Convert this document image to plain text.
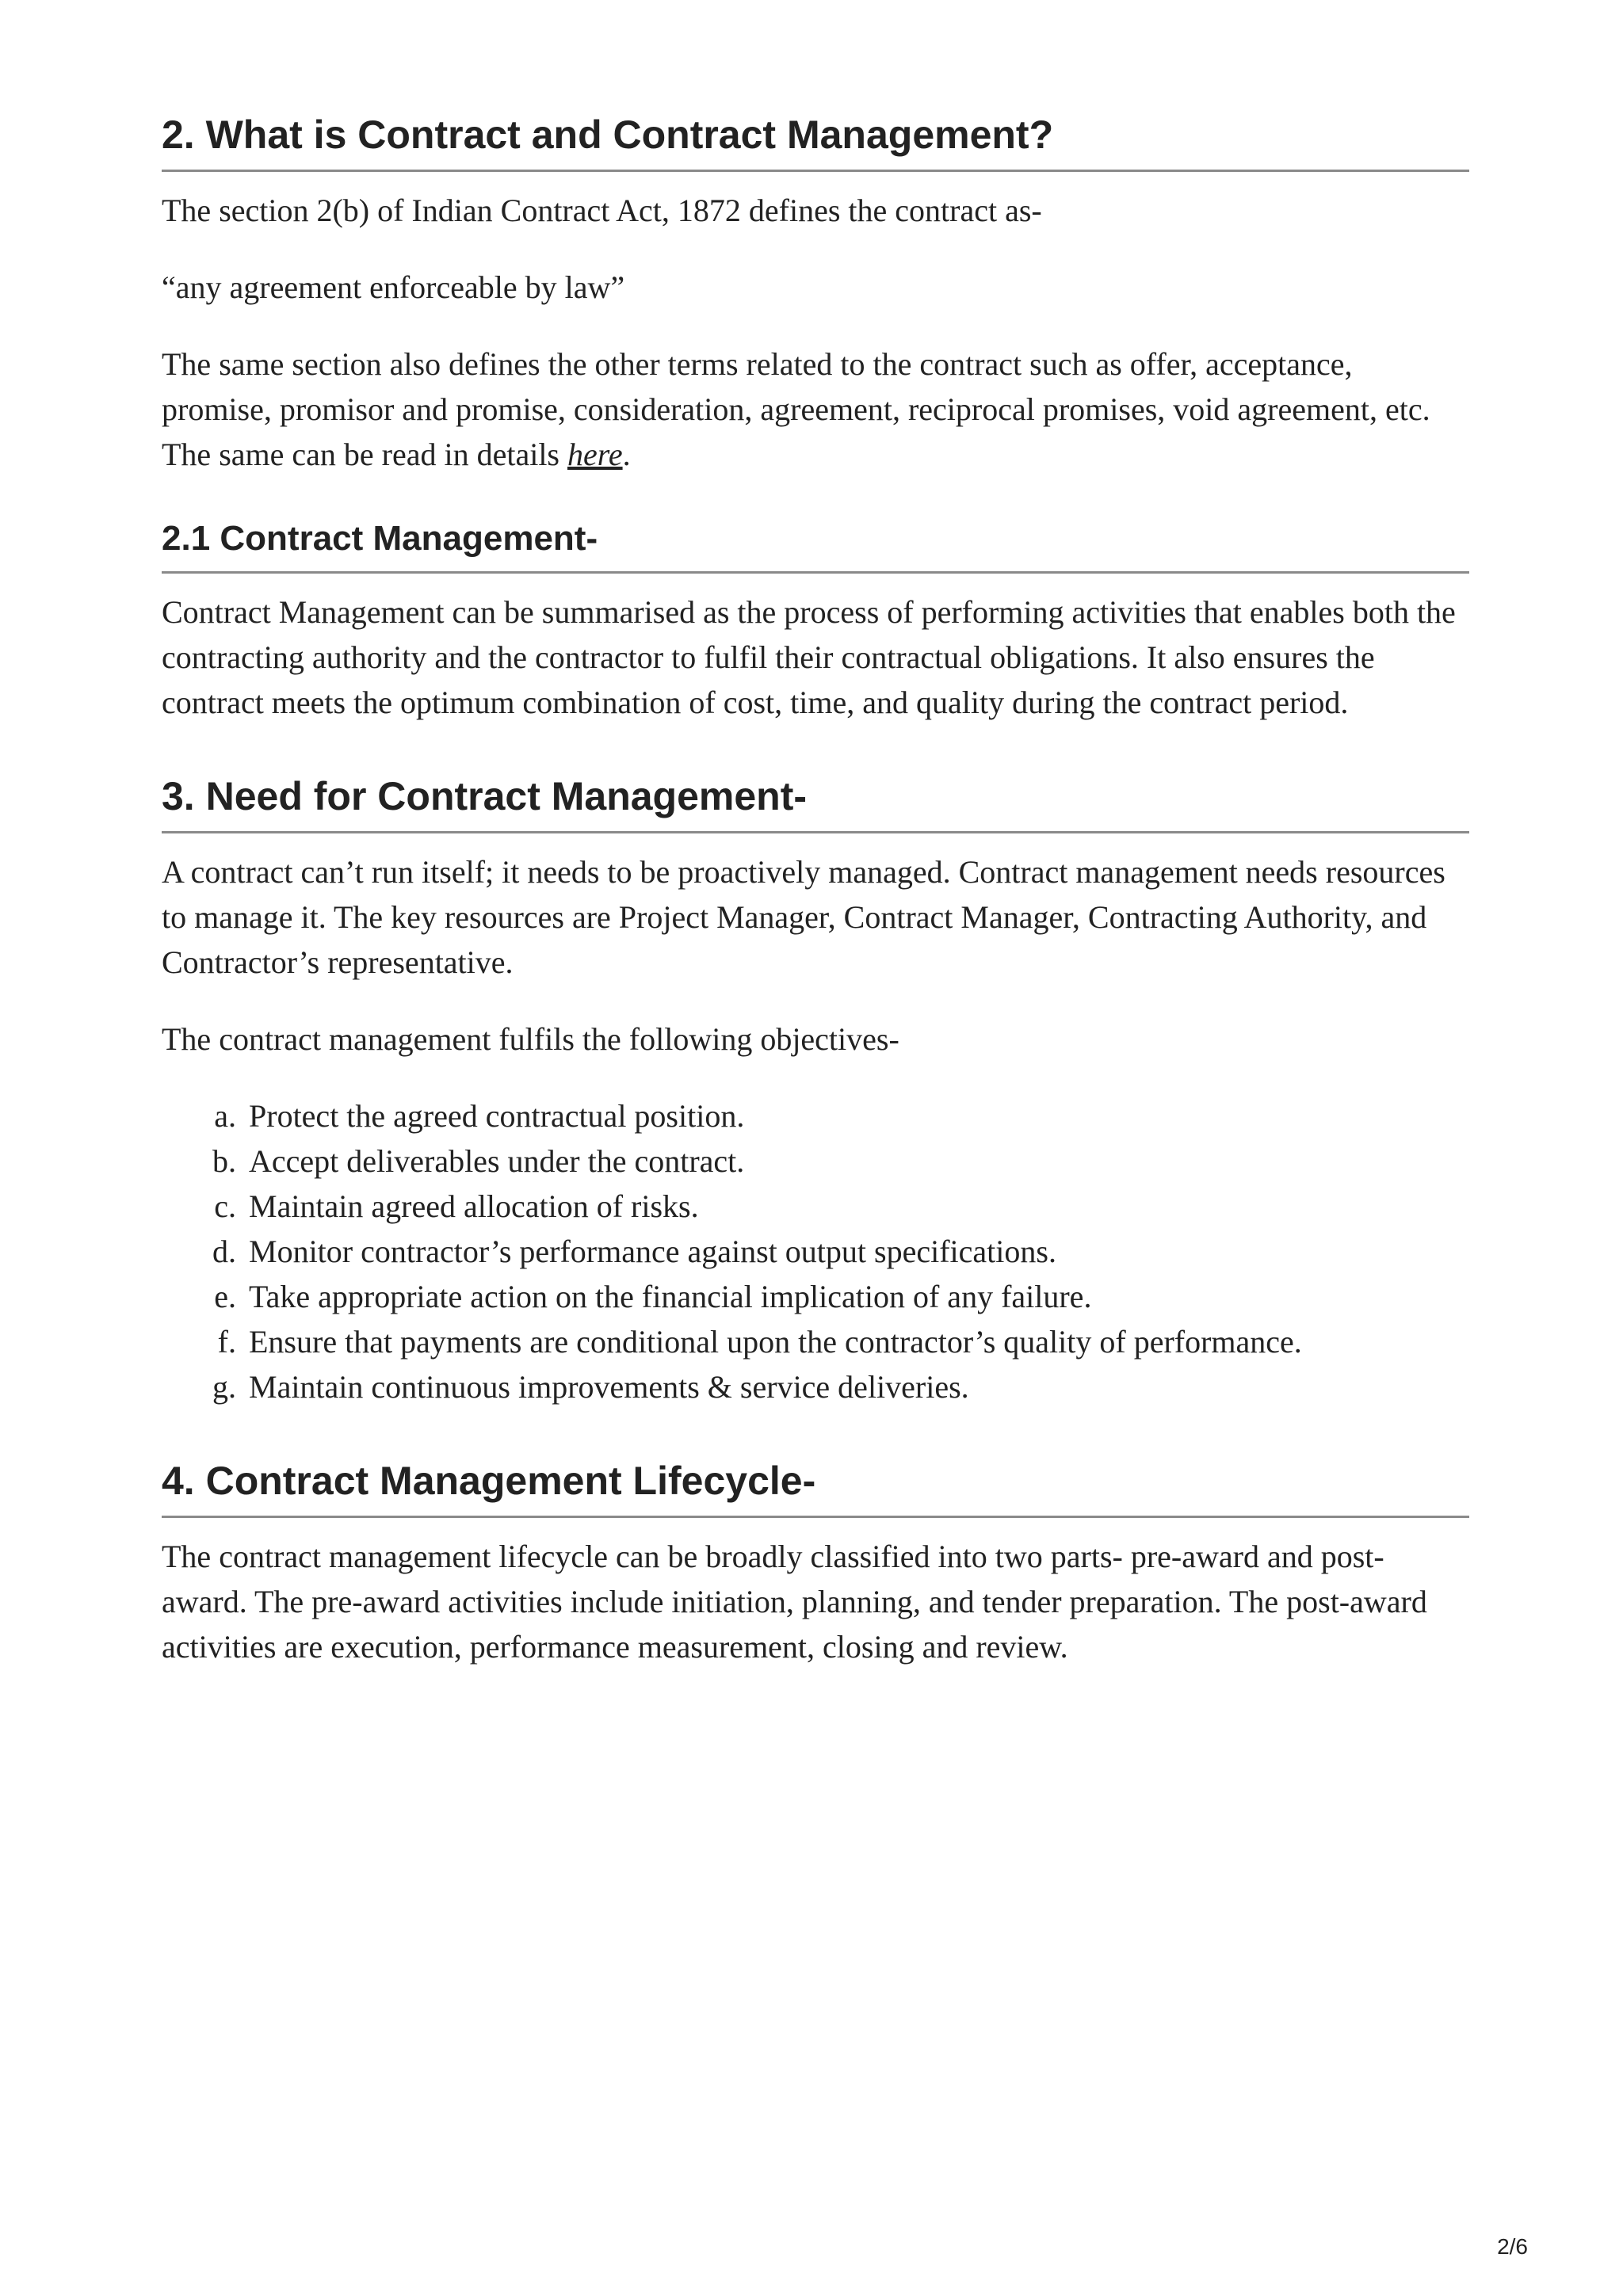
2. What is Contract and Contract Management?

The section 2(b) of Indian Contract Act, 1872 defines the contract as-

“any agreement enforceable by law”

The same section also defines the other terms related to the contract such as offer, acceptance, promise, promisor and promise, consideration, agreement, reciprocal promises, void agreement, etc. The same can be read in details here.

2.1 Contract Management-

Contract Management can be summarised as the process of performing activities that enables both the contracting authority and the contractor to fulfil their contractual obligations. It also ensures the contract meets the optimum combination of cost, time, and quality during the contract period.

3. Need for Contract Management-

A contract can’t run itself; it needs to be proactively managed. Contract management needs resources to manage it. The key resources are Project Manager, Contract Manager, Contracting Authority, and Contractor’s representative.

The contract management fulfils the following objectives-

a. Protect the agreed contractual position.
b. Accept deliverables under the contract.
c. Maintain agreed allocation of risks.
d. Monitor contractor’s performance against output specifications.
e. Take appropriate action on the financial implication of any failure.
f. Ensure that payments are conditional upon the contractor’s quality of performance.
g. Maintain continuous improvements & service deliveries.
4. Contract Management Lifecycle-

The contract management lifecycle can be broadly classified into two parts- pre-award and post-award. The pre-award activities include initiation, planning, and tender preparation. The post-award activities are execution, performance measurement, closing and review.

2/6
